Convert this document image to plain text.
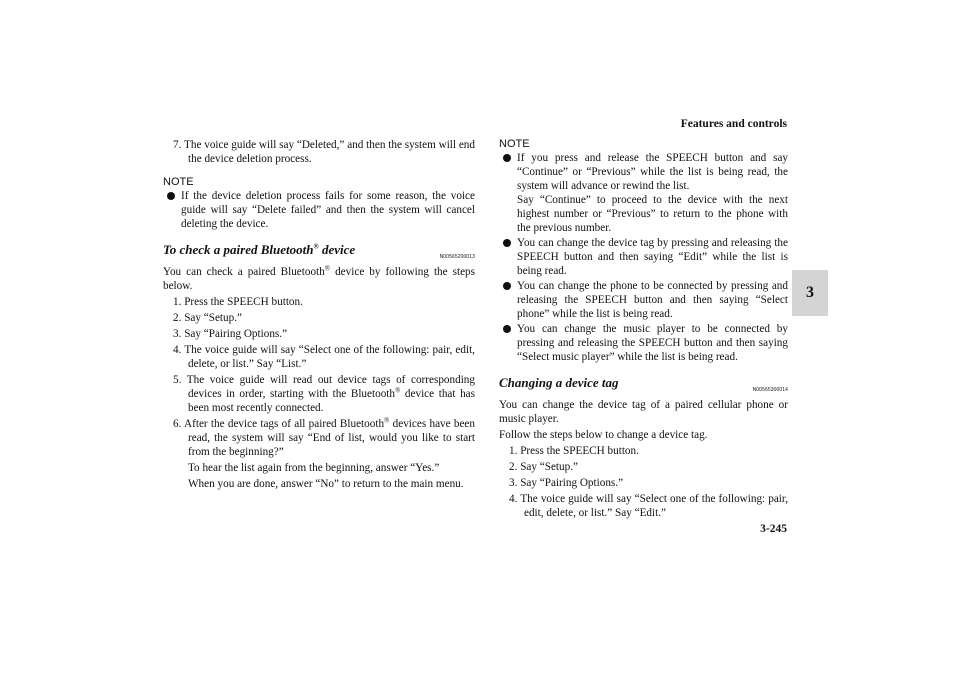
Features and controls
3
3-245
7. The voice guide will say “Deleted,” and then the system will end the device deletion process.

NOTE

If the device deletion process fails for some reason, the voice guide will say “Delete failed” and then the system will cancel deleting the device.
To check a paired Bluetooth® device	N00565200013

You can check a paired Bluetooth® device by following the steps below.

1. Press the SPEECH button.
2. Say “Setup.”
3. Say “Pairing Options.”
4. The voice guide will say “Select one of the following: pair, edit, delete, or list.” Say “List.”
5. The voice guide will read out device tags of corresponding devices in order, starting with the Bluetooth® device that has been most recently connected.
6. After the device tags of all paired Bluetooth® devices have been read, the system will say “End of list, would you like to start from the beginning?”
To hear the list again from the beginning, answer “Yes.”
When you are done, answer “No” to return to the main menu.

NOTE

If you press and release the SPEECH button and say “Continue” or “Previous” while the list is being read, the system will advance or rewind the list.
Say “Continue” to proceed to the device with the next highest number or “Previous” to return to the phone with the previous number.
You can change the device tag by pressing and releasing the SPEECH button and then saying “Edit” while the list is being read.
You can change the phone to be connected by pressing and releasing the SPEECH button and then saying “Select phone” while the list is being read.
You can change the music player to be connected by pressing and releasing the SPEECH button and then saying “Select music player” while the list is being read.
Changing a device tag	N00565300014

You can change the device tag of a paired cellular phone or music player.

Follow the steps below to change a device tag.

1. Press the SPEECH button.
2. Say “Setup.”
3. Say “Pairing Options.”
4. The voice guide will say “Select one of the following: pair, edit, delete, or list.” Say “Edit.”
